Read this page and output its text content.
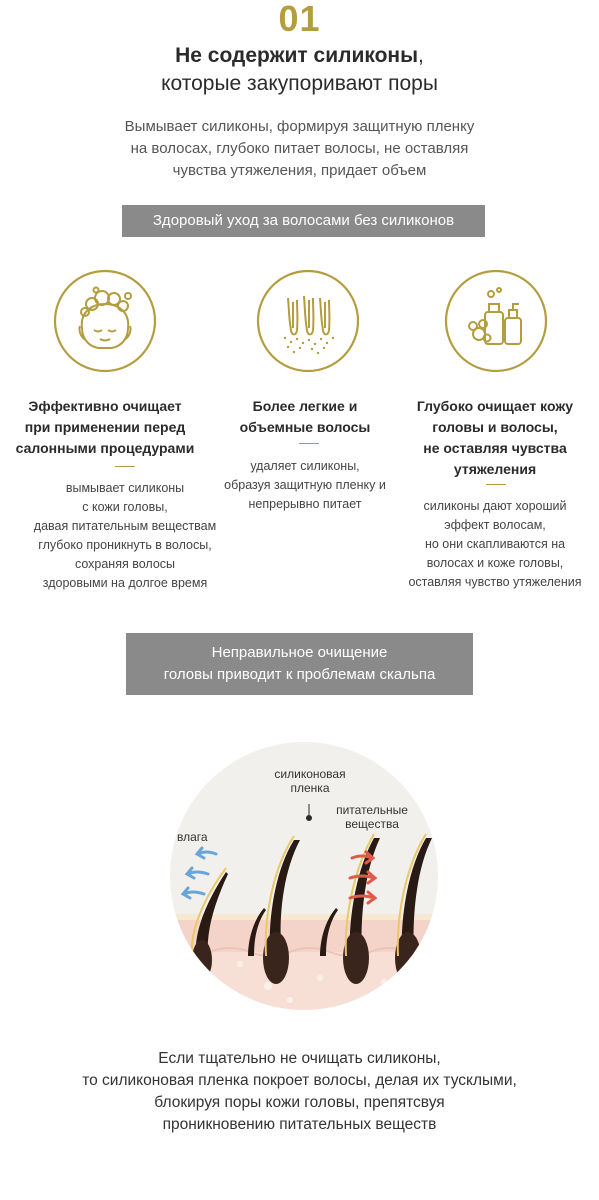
01
Не содержит силиконы,
которые закупоривают поры
Вымывает силиконы, формируя защитную пленку
на волосах, глубоко питает волосы, не оставляя
чувства утяжеления, придает объем
Здоровый уход за волосами без силиконов
Эффективно очищает
при применении перед
салонными процедурами
вымывает силиконы
с кожи головы,
давая питательным веществам
глубоко проникнуть в волосы,
сохраняя волосы
здоровыми на долгое время
Более легкие и
объемные волосы
удаляет силиконы,
образуя защитную пленку и
непрерывно питает
Глубоко очищает кожу
головы и волосы,
не оставляя чувства
утяжеления
силиконы дают хороший
эффект волосам,
но они скапливаются на
волосах и коже головы,
оставляя чувство утяжеления
Неправильное очищение
головы приводит к проблемам скальпа
силиконовая
пленка
влага
питательные
вещества
Если тщательно не очищать силиконы,
то силиконовая пленка покроет волосы, делая их тусклыми,
блокируя поры кожи головы, препятсвуя
проникновению питательных веществ
